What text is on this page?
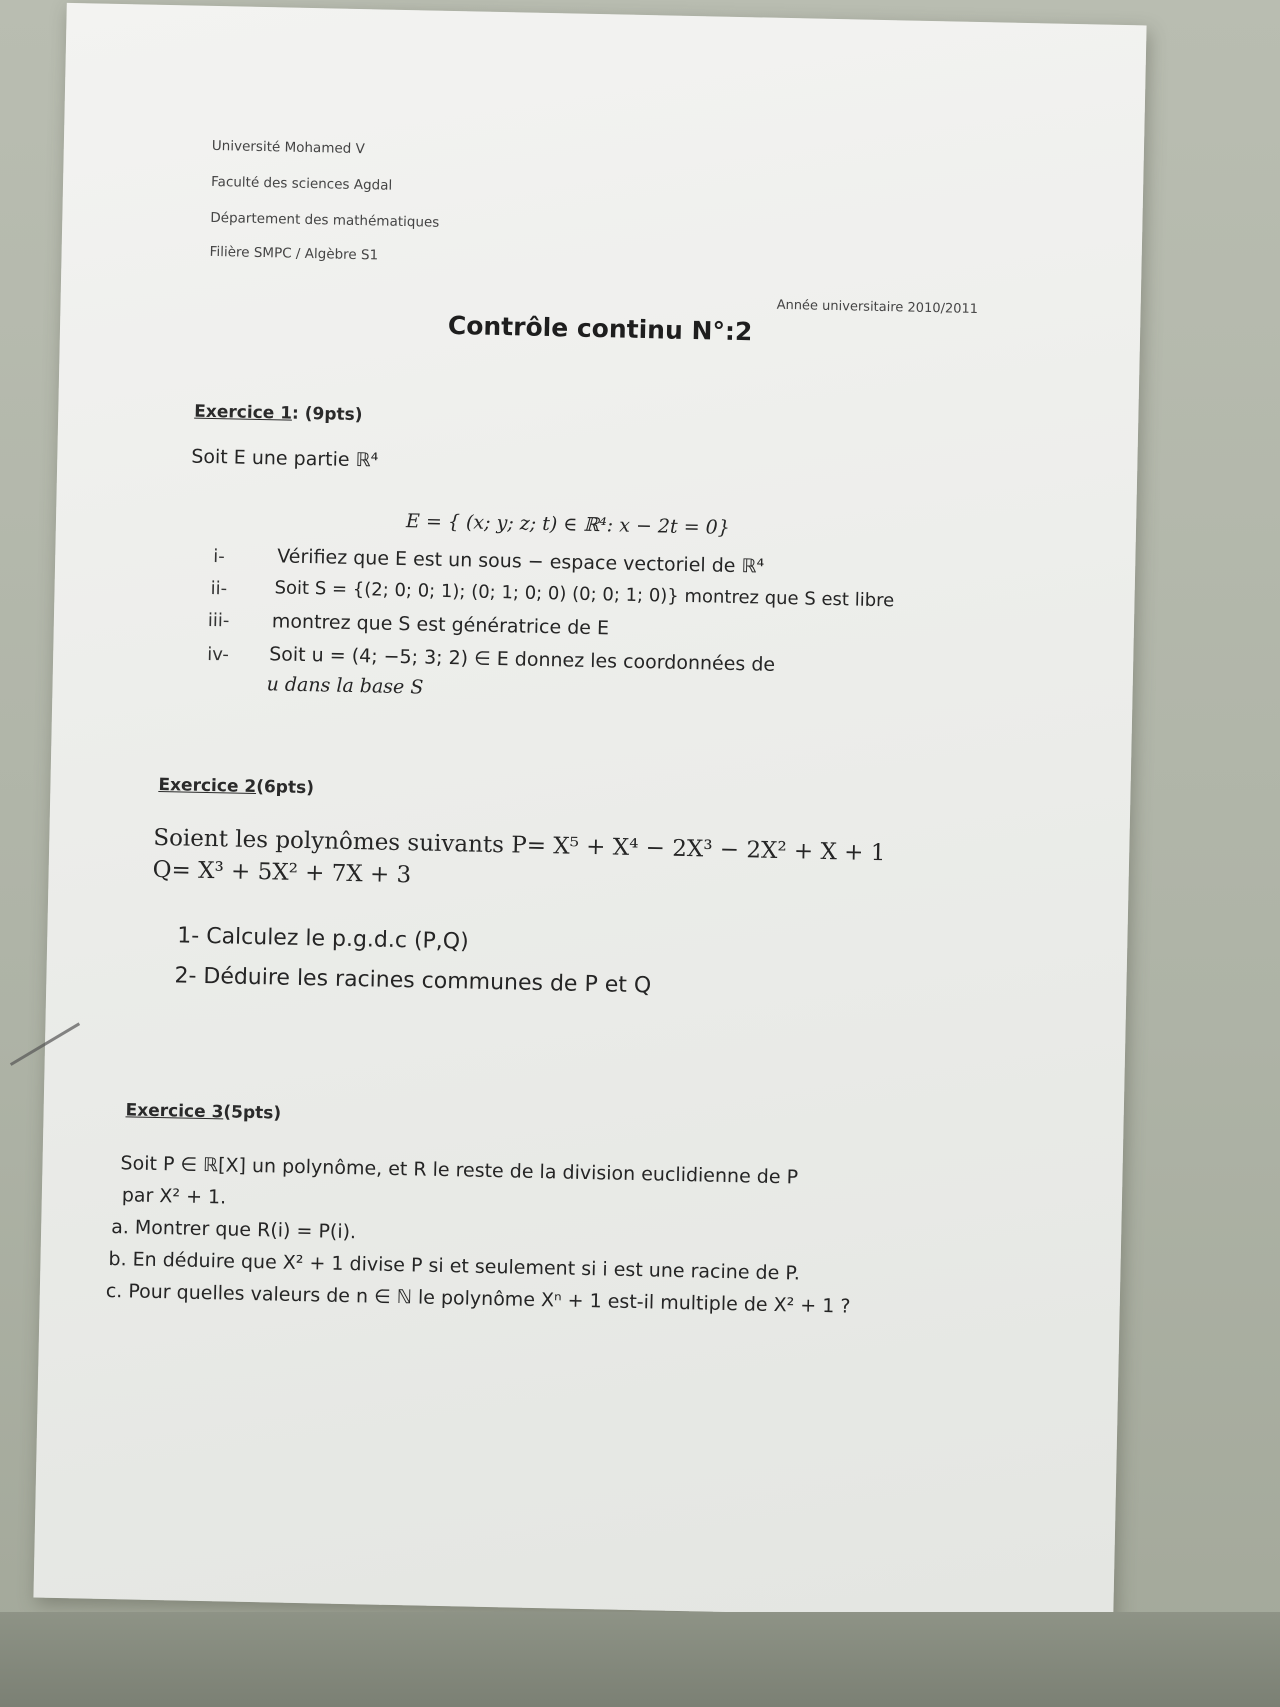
Université Mohamed V
Faculté des sciences Agdal
Département des mathématiques
Filière SMPC / Algèbre S1
Année universitaire 2010/2011
Contrôle continu N°:2
Exercice 1: (9pts)
Soit E une partie ℝ⁴
E = { (x; y; z; t) ∈ ℝ⁴: x − 2t = 0}
i-	Vérifiez que E est un sous − espace vectoriel de ℝ⁴
ii-	Soit S = {(2; 0; 0; 1); (0; 1; 0; 0) (0; 0; 1; 0)} montrez que S est libre
iii- montrez que S est génératrice de E
iv- Soit u = (4; −5; 3; 2) ∈ E donnez les coordonnées de
u dans la base S
Exercice 2(6pts)
Soient les polynômes suivants P= X⁵ + X⁴ − 2X³ − 2X² + X + 1
Q= X³ + 5X² + 7X + 3
1- Calculez le p.g.d.c (P,Q)
2- Déduire les racines communes de P et Q
Exercice 3(5pts)
Soit P ∈ ℝ[X] un polynôme, et R le reste de la division euclidienne de P
par X² + 1.
a. Montrer que R(i) = P(i).
b. En déduire que X² + 1 divise P si et seulement si i est une racine de P.
c. Pour quelles valeurs de n ∈ ℕ le polynôme Xⁿ + 1 est-il multiple de X² + 1 ?
